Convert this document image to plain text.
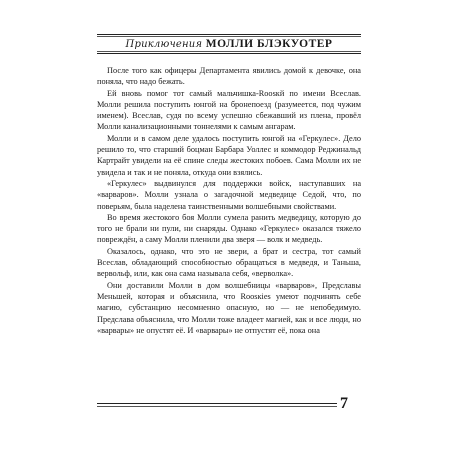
Приключения МОЛЛИ БЛЭКУОТЕР

После того как офицеры Департамента явились домой к девочке, она поняла, что надо бежать.

Ей вновь помог тот самый мальчишка-Roosкй по имени Всеслав. Молли решила поступить юнгой на бронепоезд (разумеется, под чужим именем). Всеслав, судя по всему успешно сбежавший из плена, провёл Молли канализационными тоннелями к самым ангарам.

Молли и в самом деле удалось поступить юнгой на «Геркулес». Дело решило то, что старший боцман Барбара Уоллес и коммодор Реджинальд Картрайт увидели на её спине следы жестоких побоев. Сама Молли их не увидела и так и не поняла, откуда они взялись.

«Геркулес» выдвинулся для поддержки войск, наступавших на «варваров». Молли узнала о загадочной медведице Седой, что, по поверьям, была наделена таинственными волшебными свойствами.

Во время жестокого боя Молли сумела ранить медведицу, которую до того не брали ни пули, ни снаряды. Однако «Геркулес» оказался тяжело повреждён, а саму Молли пленили два зверя — волк и медведь.

Оказалось, однако, что это не звери, а брат и сестра, тот самый Всеслав, обладающий способностью обращаться в медведя, и Таньша, вервольф, или, как она сама называла себя, «верволка».

Они доставили Молли в дом волшебницы «варваров», Предславы Меньшей, которая и объяснила, что Roosкies умеют подчинять себе магию, субстанцию несомненно опасную, но — не непобедимую. Предслава объяснила, что Молли тоже владеет магией, как и все люди, но «варвары» не опустят её. И «варвары» не отпустят её, пока она

7
